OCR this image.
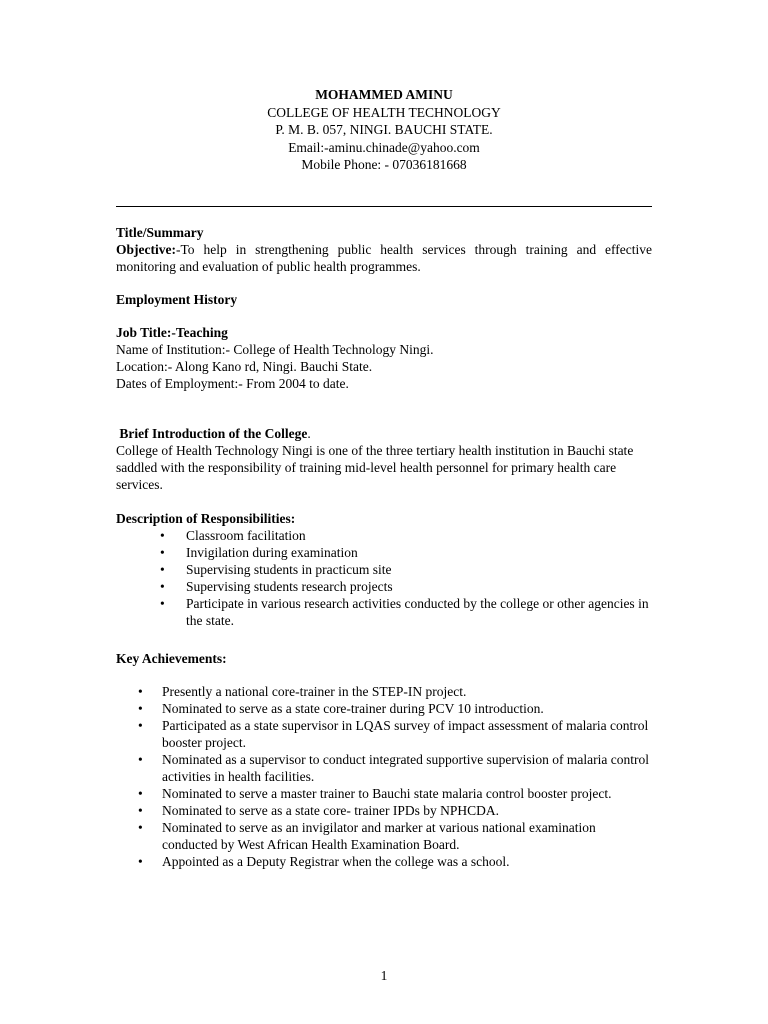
MOHAMMED AMINU
COLLEGE OF HEALTH TECHNOLOGY
P. M. B. 057, NINGI. BAUCHI STATE.
Email:-aminu.chinade@yahoo.com
Mobile Phone: - 07036181668

Title/Summary

Objective:-To help in strengthening public health services through training and effective monitoring and evaluation of public health programmes.

Employment History

Job Title:-Teaching

Name of Institution:- College of Health Technology Ningi.

Location:- Along Kano rd, Ningi. Bauchi State.

Dates of Employment:- From 2004 to date.

Brief Introduction of the College.

College of Health Technology Ningi is one of the three tertiary health institution in Bauchi state saddled with the responsibility of training mid-level health personnel for primary health care services.

Description of Responsibilities:

• Classroom facilitation
• Invigilation during examination
• Supervising students in practicum site
• Supervising students research projects
• Participate in various research activities conducted by the college or other agencies in the state.

Key Achievements:

• Presently a national core-trainer in the STEP-IN project.
• Nominated to serve as a state core-trainer during PCV 10 introduction.
• Participated as a state supervisor in LQAS survey of impact assessment of malaria control booster project.
• Nominated as a supervisor to conduct integrated supportive supervision of malaria control activities in health facilities.
• Nominated to serve a master trainer to Bauchi state malaria control booster project.
• Nominated to serve as a state core- trainer IPDs by NPHCDA.
• Nominated to serve as an invigilator and marker at various national examination conducted by West African Health Examination Board.
• Appointed as a Deputy Registrar when the college was a school.
1
